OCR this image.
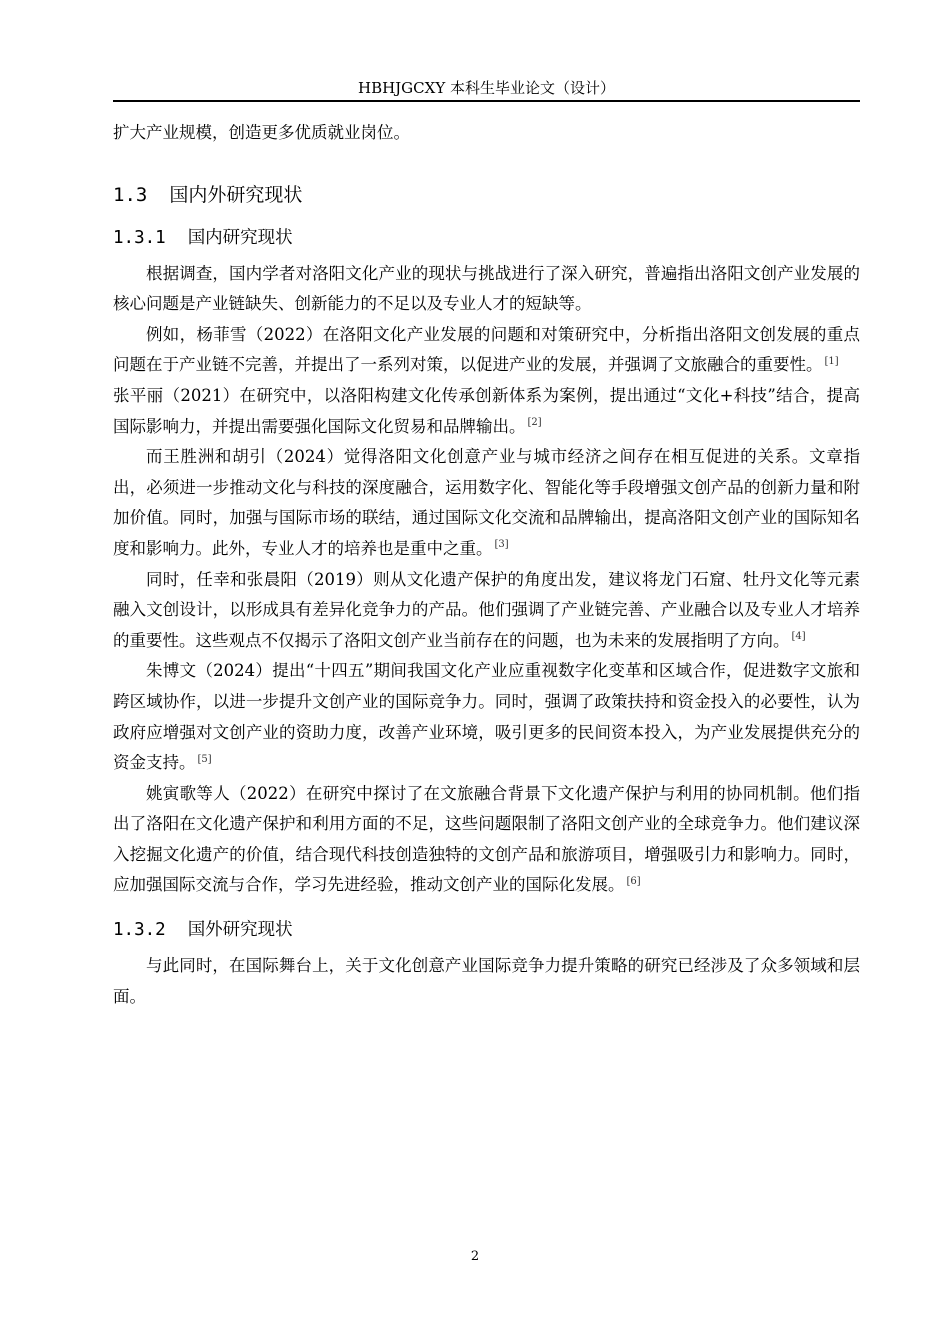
HBHJGCXY 本科生毕业论文（设计）

扩大产业规模，创造更多优质就业岗位。

1.3 国内外研究现状
1.3.1 国内研究现状

根据调查，国内学者对洛阳文化产业的现状与挑战进行了深入研究，普遍指出洛阳文创产业发展的核心问题是产业链缺失、创新能力的不足以及专业人才的短缺等。

例如，杨菲雪（2022）在洛阳文化产业发展的问题和对策研究中，分析指出洛阳文创发展的重点问题在于产业链不完善，并提出了一系列对策，以促进产业的发展，并强调了文旅融合的重要性。 [1]

张平丽（2021）在研究中，以洛阳构建文化传承创新体系为案例，提出通过“文化+科技”结合，提高国际影响力，并提出需要强化国际文化贸易和品牌输出。 [2]

而王胜洲和胡引（2024）觉得洛阳文化创意产业与城市经济之间存在相互促进的关系。文章指出，必须进一步推动文化与科技的深度融合，运用数字化、智能化等手段增强文创产品的创新力量和附加价值。同时，加强与国际市场的联结，通过国际文化交流和品牌输出，提高洛阳文创产业的国际知名度和影响力。此外，专业人才的培养也是重中之重。 [3]

同时，任幸和张晨阳（2019）则从文化遗产保护的角度出发，建议将龙门石窟、牡丹文化等元素融入文创设计，以形成具有差异化竞争力的产品。他们强调了产业链完善、产业融合以及专业人才培养的重要性。这些观点不仅揭示了洛阳文创产业当前存在的问题，也为未来的发展指明了方向。 [4]

朱博文（2024）提出“十四五”期间我国文化产业应重视数字化变革和区域合作，促进数字文旅和跨区域协作，以进一步提升文创产业的国际竞争力。同时，强调了政策扶持和资金投入的必要性，认为政府应增强对文创产业的资助力度，改善产业环境，吸引更多的民间资本投入，为产业发展提供充分的资金支持。 [5]

姚寅歌等人（2022）在研究中探讨了在文旅融合背景下文化遗产保护与利用的协同机制。他们指出了洛阳在文化遗产保护和利用方面的不足，这些问题限制了洛阳文创产业的全球竞争力。他们建议深入挖掘文化遗产的价值，结合现代科技创造独特的文创产品和旅游项目，增强吸引力和影响力。同时，应加强国际交流与合作，学习先进经验，推动文创产业的国际化发展。 [6]

1.3.2 国外研究现状

与此同时，在国际舞台上，关于文化创意产业国际竞争力提升策略的研究已经涉及了众多领域和层面。

2
